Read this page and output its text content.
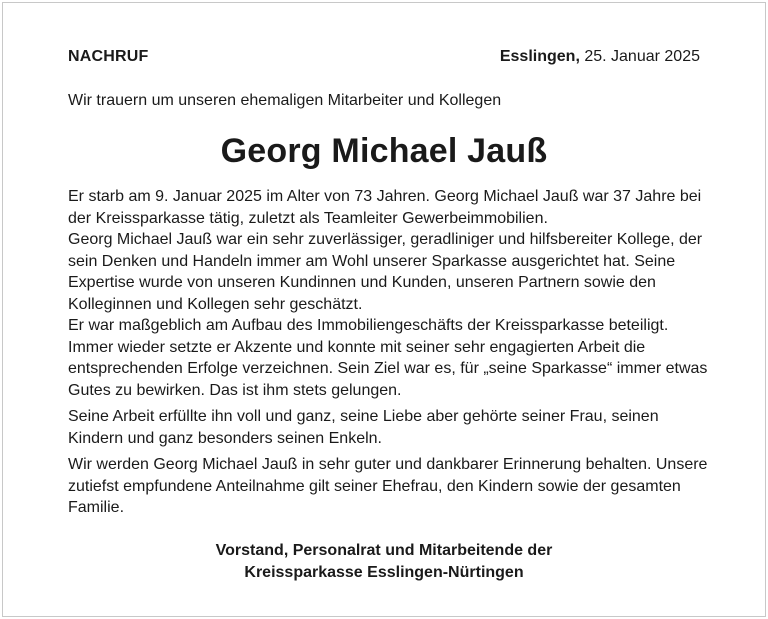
NACHRUF	Esslingen, 25. Januar 2025
Wir trauern um unseren ehemaligen Mitarbeiter und Kollegen
Georg Michael Jauß

Er starb am 9. Januar 2025 im Alter von 73 Jahren. Georg Michael Jauß war 37 Jahre bei der Kreissparkasse tätig, zuletzt als Teamleiter Gewerbeimmobilien.

Georg Michael Jauß war ein sehr zuverlässiger, geradliniger und hilfsbereiter Kollege, der sein Denken und Handeln immer am Wohl unserer Sparkasse ausgerichtet hat. Seine Expertise wurde von unseren Kundinnen und Kunden, unseren Partnern sowie den Kolleginnen und Kollegen sehr geschätzt.

Er war maßgeblich am Aufbau des Immobiliengeschäfts der Kreissparkasse beteiligt. Immer wieder setzte er Akzente und konnte mit seiner sehr engagierten Arbeit die entsprechenden Erfolge verzeichnen. Sein Ziel war es, für „seine Sparkasse“ immer etwas Gutes zu bewirken. Das ist ihm stets gelungen.

Seine Arbeit erfüllte ihn voll und ganz, seine Liebe aber gehörte seiner Frau, seinen Kindern und ganz besonders seinen Enkeln.

Wir werden Georg Michael Jauß in sehr guter und dankbarer Erinnerung behalten. Unsere zutiefst empfundene Anteilnahme gilt seiner Ehefrau, den Kindern sowie der gesamten Familie.

Vorstand, Personalrat und Mitarbeitende der
Kreissparkasse Esslingen-Nürtingen
